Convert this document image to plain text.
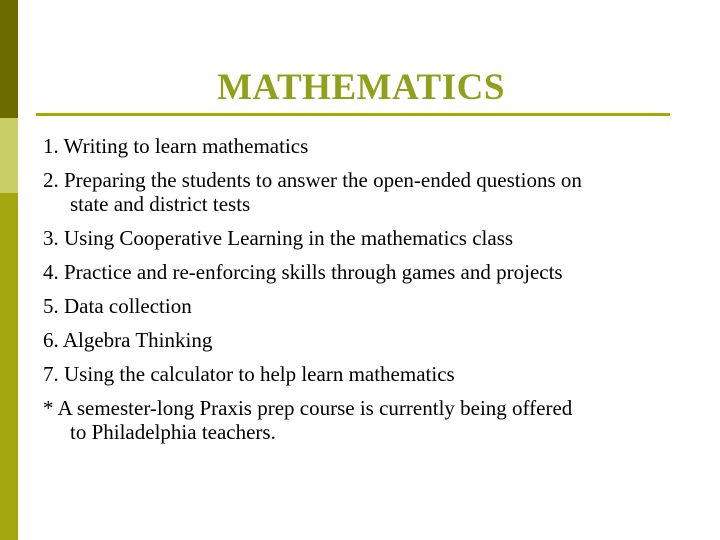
MATHEMATICS
1. Writing to learn mathematics
2. Preparing the students to answer the open-ended questions on
state and district tests
3. Using Cooperative Learning in the mathematics class
4. Practice and re-enforcing skills through games and projects
5. Data collection
6. Algebra Thinking
7. Using the calculator to help learn mathematics
* A semester-long Praxis prep course is currently being offered
to Philadelphia teachers.
